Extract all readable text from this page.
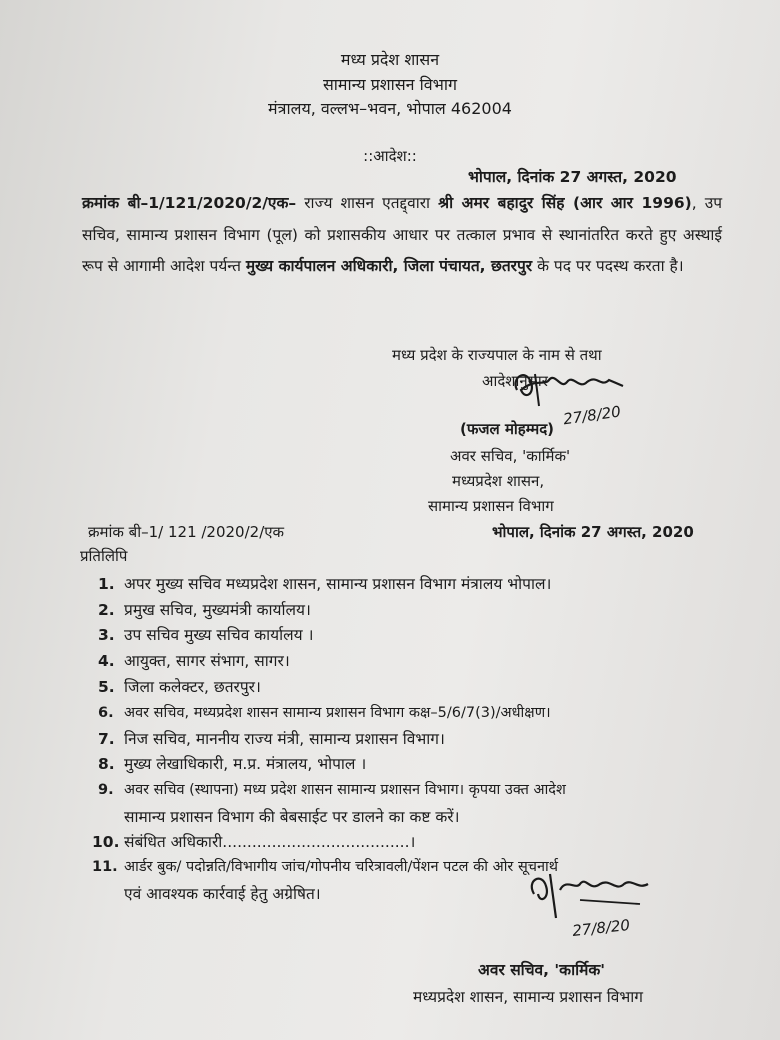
मध्य प्रदेश शासन
सामान्य प्रशासन विभाग
मंत्रालय, वल्लभ–भवन, भोपाल 462004
::आदेश::
भोपाल, दिनांक 27 अगस्त, 2020
क्रमांक बी–1/121/2020/2/एक– राज्य शासन एतद्द्वारा श्री अमर बहादुर सिंह (आर आर 1996), उप सचिव, सामान्य प्रशासन विभाग (पूल) को प्रशासकीय आधार पर तत्काल प्रभाव से स्थानांतरित करते हुए अस्थाई रूप से आगामी आदेश पर्यन्त मुख्य कार्यपालन अधिकारी, जिला पंचायत, छतरपुर के पद पर पदस्थ करता है।
मध्य प्रदेश के राज्यपाल के नाम से तथा
आदेशानुसार
27/8/20
(फजल मोहम्मद)
अवर सचिव, 'कार्मिक'
मध्यप्रदेश शासन,
सामान्य प्रशासन विभाग
क्रमांक बी–1/ 121 /2020/2/एक	भोपाल, दिनांक 27 अगस्त, 2020
प्रतिलिपि
1. अपर मुख्य सचिव मध्यप्रदेश शासन, सामान्य प्रशासन विभाग मंत्रालय भोपाल।
2. प्रमुख सचिव, मुख्यमंत्री कार्यालय।
3. उप सचिव मुख्य सचिव कार्यालय ।
4. आयुक्त, सागर संभाग, सागर।
5. जिला कलेक्टर, छतरपुर।
6. अवर सचिव, मध्यप्रदेश शासन सामान्य प्रशासन विभाग कक्ष–5/6/7(3)/अधीक्षण।
7. निज सचिव, माननीय राज्य मंत्री, सामान्य प्रशासन विभाग।
8. मुख्य लेखाधिकारी, म.प्र. मंत्रालय, भोपाल ।
9. अवर सचिव (स्थापना) मध्य प्रदेश शासन सामान्य प्रशासन विभाग। कृपया उक्त आदेश
सामान्य प्रशासन विभाग की बेबसाईट पर डालने का कष्ट करें।
10. संबंधित अधिकारी......................................।
11. आर्डर बुक/ पदोन्नति/विभागीय जांच/गोपनीय चरित्रावली/पेंशन पटल की ओर सूचनार्थ
एवं आवश्यक कार्रवाई हेतु अग्रेषित।
27/8/20
अवर सचिव, 'कार्मिक'
मध्यप्रदेश शासन, सामान्य प्रशासन विभाग
